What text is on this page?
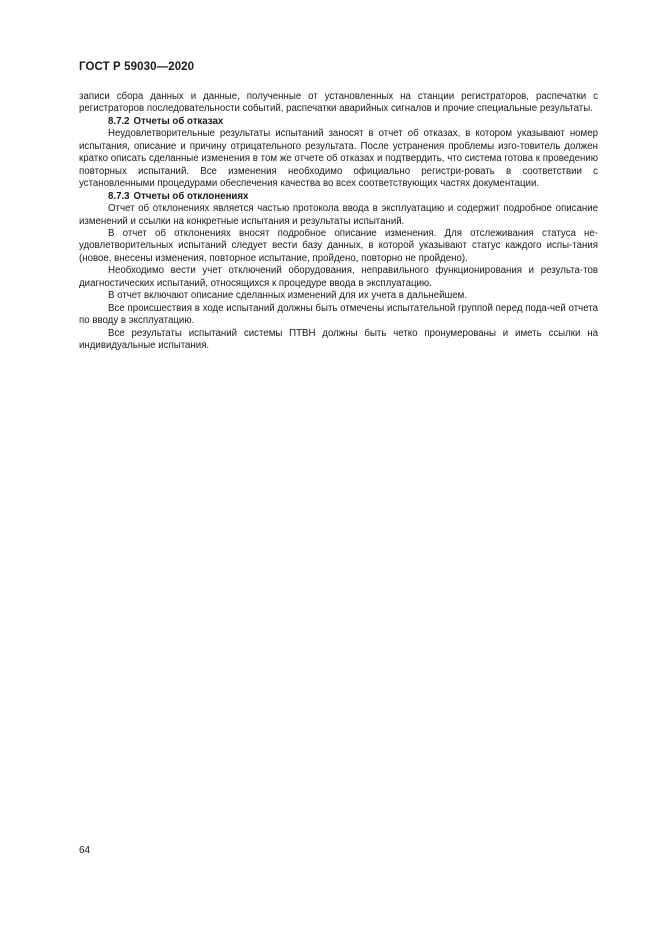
ГОСТ Р 59030—2020

записи сбора данных и данные, полученные от установленных на станции регистраторов, распечатки с регистраторов последовательности событий, распечатки аварийных сигналов и прочие специальные результаты.

8.7.2 Отчеты об отказах

Неудовлетворительные результаты испытаний заносят в отчет об отказах, в котором указывают номер испытания, описание и причину отрицательного результата. После устранения проблемы изго-товитель должен кратко описать сделанные изменения в том же отчете об отказах и подтвердить, что система готова к проведению повторных испытаний. Все изменения необходимо официально регистри-ровать в соответствии с установленными процедурами обеспечения качества во всех соответствующих частях документации.

8.7.3 Отчеты об отклонениях

Отчет об отклонениях является частью протокола ввода в эксплуатацию и содержит подробное описание изменений и ссылки на конкретные испытания и результаты испытаний.

В отчет об отклонениях вносят подробное описание изменения. Для отслеживания статуса не-удовлетворительных испытаний следует вести базу данных, в которой указывают статус каждого испы-тания (новое, внесены изменения, повторное испытание, пройдено, повторно не пройдено).

Необходимо вести учет отключений оборудования, неправильного функционирования и результа-тов диагностических испытаний, относящихся к процедуре ввода в эксплуатацию.

В отчет включают описание сделанных изменений для их учета в дальнейшем.

Все происшествия в ходе испытаний должны быть отмечены испытательной группой перед пода-чей отчета по вводу в эксплуатацию.

Все результаты испытаний системы ПТВН должны быть четко пронумерованы и иметь ссылки на индивидуальные испытания.

64
